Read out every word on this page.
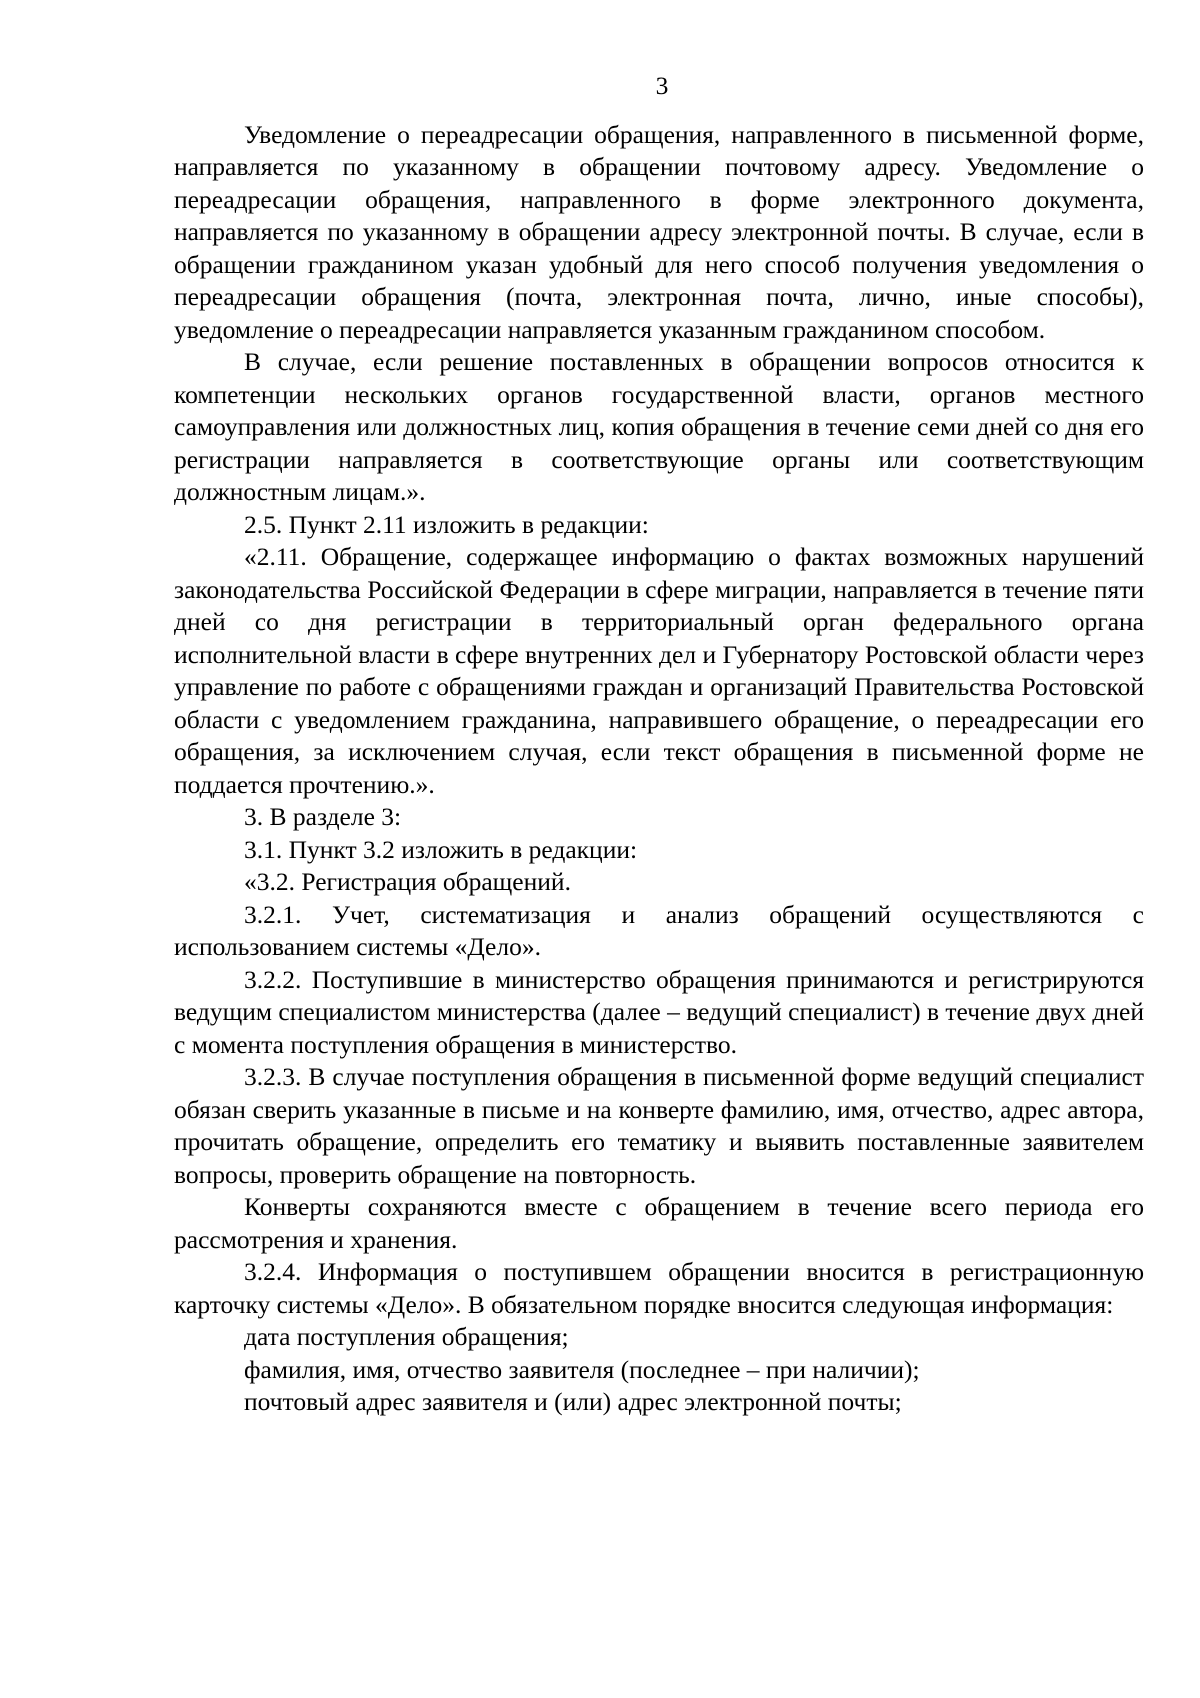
3

Уведомление о переадресации обращения, направленного в письменной форме, направляется по указанному в обращении почтовому адресу. Уведомление о переадресации обращения, направленного в форме электронного документа, направляется по указанному в обращении адресу электронной почты. В случае, если в обращении гражданином указан удобный для него способ получения уведомления о переадресации обращения (почта, электронная почта, лично, иные способы), уведомление о переадресации направляется указанным гражданином способом.

В случае, если решение поставленных в обращении вопросов относится к компетенции нескольких органов государственной власти, органов местного самоуправления или должностных лиц, копия обращения в течение семи дней со дня его регистрации направляется в соответствующие органы или соответствующим должностным лицам.».

2.5. Пункт 2.11 изложить в редакции:

«2.11. Обращение, содержащее информацию о фактах возможных нарушений законодательства Российской Федерации в сфере миграции, направляется в течение пяти дней со дня регистрации в территориальный орган федерального органа исполнительной власти в сфере внутренних дел и Губернатору Ростовской области через управление по работе с обращениями граждан и организаций Правительства Ростовской области с уведомлением гражданина, направившего обращение, о переадресации его обращения, за исключением случая, если текст обращения в письменной форме не поддается прочтению.».

3. В разделе 3:

3.1. Пункт 3.2 изложить в редакции:

«3.2. Регистрация обращений.

3.2.1. Учет, систематизация и анализ обращений осуществляются с использованием системы «Дело».

3.2.2. Поступившие в министерство обращения принимаются и регистрируются ведущим специалистом министерства (далее – ведущий специалист) в течение двух дней с момента поступления обращения в министерство.

3.2.3. В случае поступления обращения в письменной форме ведущий специалист обязан сверить указанные в письме и на конверте фамилию, имя, отчество, адрес автора, прочитать обращение, определить его тематику и выявить поставленные заявителем вопросы, проверить обращение на повторность.

Конверты сохраняются вместе с обращением в течение всего периода его рассмотрения и хранения.

3.2.4. Информация о поступившем обращении вносится в регистрационную карточку системы «Дело». В обязательном порядке вносится следующая информация:

дата поступления обращения;

фамилия, имя, отчество заявителя (последнее – при наличии);

почтовый адрес заявителя и (или) адрес электронной почты;
